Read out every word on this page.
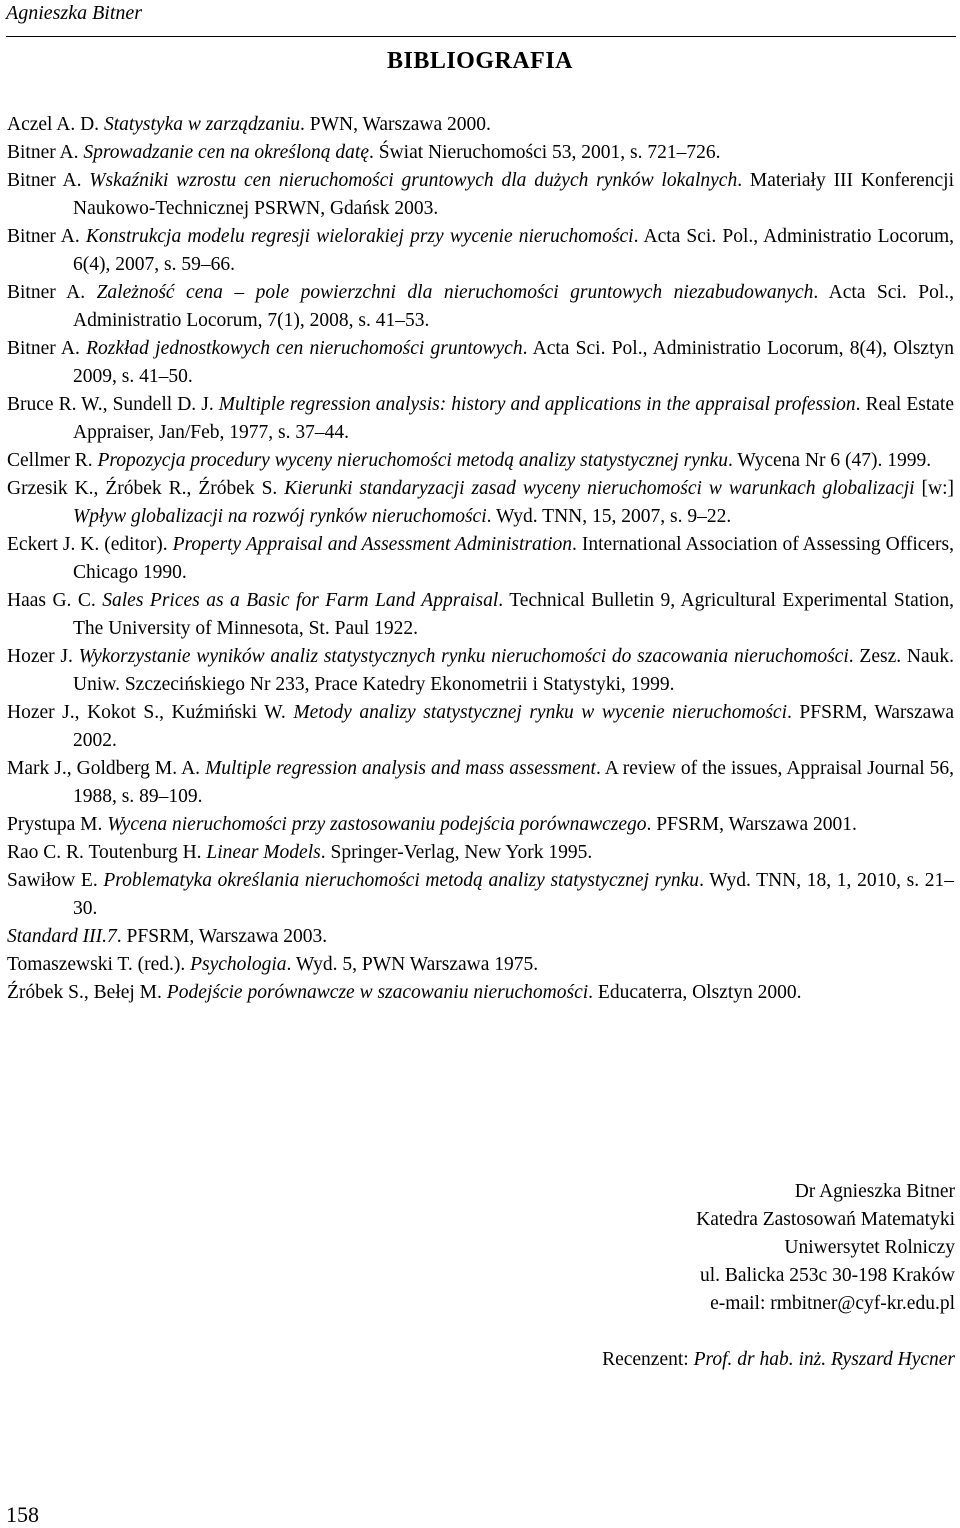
Agnieszka Bitner
BIBLIOGRAFIA
Aczel A. D. Statystyka w zarządzaniu. PWN, Warszawa 2000.
Bitner A. Sprowadzanie cen na określoną datę. Świat Nieruchomości 53, 2001, s. 721–726.
Bitner A. Wskaźniki wzrostu cen nieruchomości gruntowych dla dużych rynków lokalnych. Materiały III Konferencji Naukowo-Technicznej PSRWN, Gdańsk 2003.
Bitner A. Konstrukcja modelu regresji wielorakiej przy wycenie nieruchomości. Acta Sci. Pol., Administratio Locorum, 6(4), 2007, s. 59–66.
Bitner A. Zależność cena – pole powierzchni dla nieruchomości gruntowych niezabudowanych. Acta Sci. Pol., Administratio Locorum, 7(1), 2008, s. 41–53.
Bitner A. Rozkład jednostkowych cen nieruchomości gruntowych. Acta Sci. Pol., Administratio Locorum, 8(4), Olsztyn 2009, s. 41–50.
Bruce R. W., Sundell D. J. Multiple regression analysis: history and applications in the appraisal profession. Real Estate Appraiser, Jan/Feb, 1977, s. 37–44.
Cellmer R. Propozycja procedury wyceny nieruchomości metodą analizy statystycznej rynku. Wycena Nr 6 (47). 1999.
Grzesik K., Źróbek R., Źróbek S. Kierunki standaryzacji zasad wyceny nieruchomości w warunkach globalizacji [w:] Wpływ globalizacji na rozwój rynków nieruchomości. Wyd. TNN, 15, 2007, s. 9–22.
Eckert J. K. (editor). Property Appraisal and Assessment Administration. International Association of Assessing Officers, Chicago 1990.
Haas G. C. Sales Prices as a Basic for Farm Land Appraisal. Technical Bulletin 9, Agricultural Experimental Station, The University of Minnesota, St. Paul 1922.
Hozer J. Wykorzystanie wyników analiz statystycznych rynku nieruchomości do szacowania nieruchomości. Zesz. Nauk. Uniw. Szczecińskiego Nr 233, Prace Katedry Ekonometrii i Statystyki, 1999.
Hozer J., Kokot S., Kuźmiński W. Metody analizy statystycznej rynku w wycenie nieruchomości. PFSRM, Warszawa 2002.
Mark J., Goldberg M. A. Multiple regression analysis and mass assessment. A review of the issues, Appraisal Journal 56, 1988, s. 89–109.
Prystupa M. Wycena nieruchomości przy zastosowaniu podejścia porównawczego. PFSRM, Warszawa 2001.
Rao C. R. Toutenburg H. Linear Models. Springer-Verlag, New York 1995.
Sawiłow E. Problematyka określania nieruchomości metodą analizy statystycznej rynku. Wyd. TNN, 18, 1, 2010, s. 21–30.
Standard III.7. PFSRM, Warszawa 2003.
Tomaszewski T. (red.). Psychologia. Wyd. 5, PWN Warszawa 1975.
Źróbek S., Bełej M. Podejście porównawcze w szacowaniu nieruchomości. Educaterra, Olsztyn 2000.
Dr Agnieszka Bitner
Katedra Zastosowań Matematyki
Uniwersytet Rolniczy
ul. Balicka 253c 30-198 Kraków
e-mail: rmbitner@cyf-kr.edu.pl
Recenzent: Prof. dr hab. inż. Ryszard Hycner
158
